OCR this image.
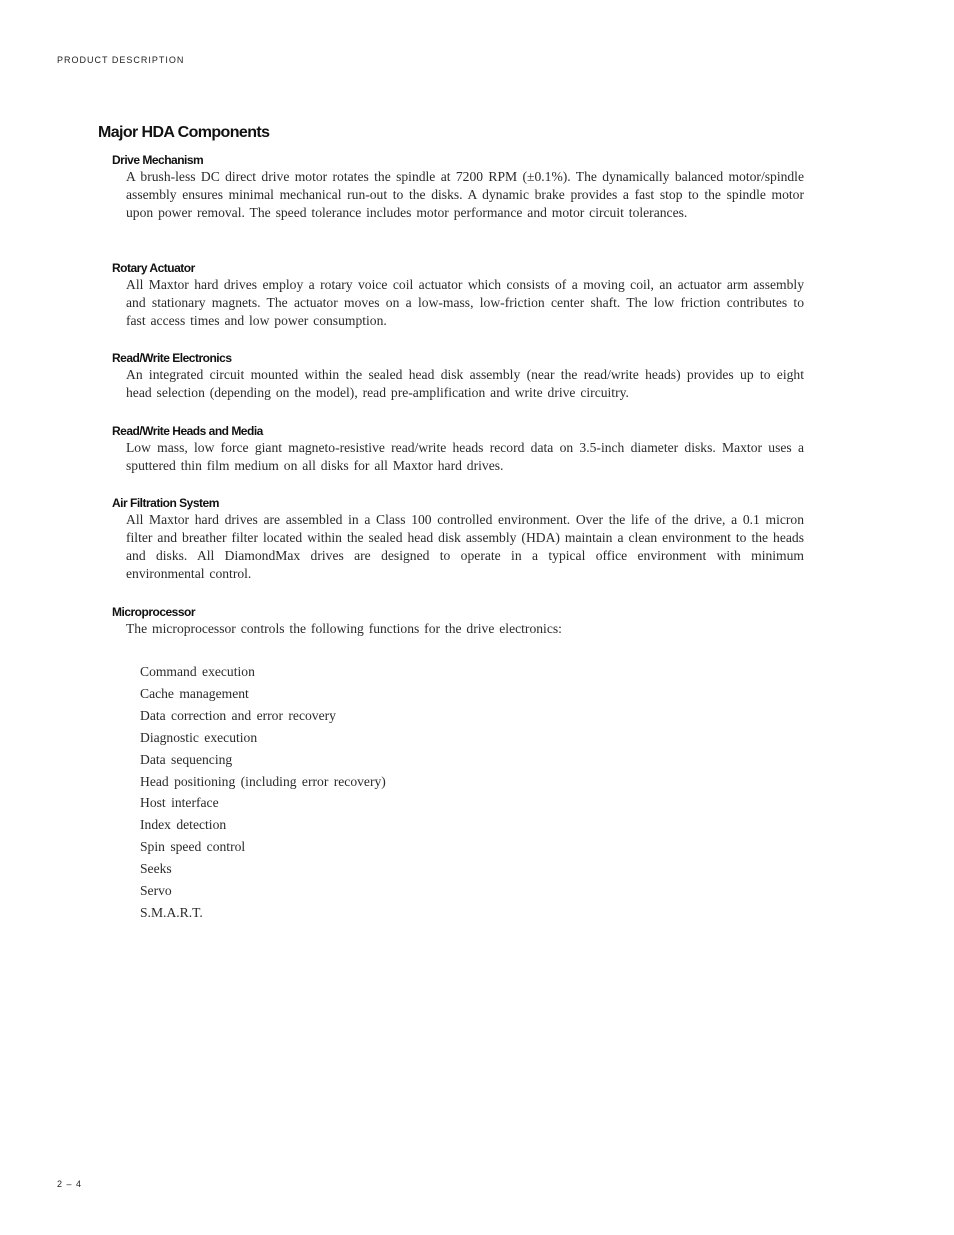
PRODUCT DESCRIPTION
Major HDA Components
Drive Mechanism

A brush-less DC direct drive motor rotates the spindle at 7200 RPM (±0.1%). The dynamically balanced motor/spindle assembly ensures minimal mechanical run-out to the disks. A dynamic brake provides a fast stop to the spindle motor upon power removal. The speed tolerance includes motor performance and motor circuit tolerances.

Rotary Actuator

All Maxtor hard drives employ a rotary voice coil actuator which consists of a moving coil, an actuator arm assembly and stationary magnets. The actuator moves on a low-mass, low-friction center shaft. The low friction contributes to fast access times and low power consumption.

Read/Write Electronics

An integrated circuit mounted within the sealed head disk assembly (near the read/write heads) provides up to eight head selection (depending on the model), read pre-amplification and write drive circuitry.

Read/Write Heads and Media

Low mass, low force giant magneto-resistive read/write heads record data on 3.5-inch diameter disks. Maxtor uses a sputtered thin film medium on all disks for all Maxtor hard drives.

Air Filtration System

All Maxtor hard drives are assembled in a Class 100 controlled environment. Over the life of the drive, a 0.1 micron filter and breather filter located within the sealed head disk assembly (HDA) maintain a clean environment to the heads and disks. All DiamondMax drives are designed to operate in a typical office environment with minimum environmental control.

Microprocessor

The microprocessor controls the following functions for the drive electronics:

Command execution
Cache management
Data correction and error recovery
Diagnostic execution
Data sequencing
Head positioning (including error recovery)
Host interface
Index detection
Spin speed control
Seeks
Servo
S.M.A.R.T.
2 – 4
